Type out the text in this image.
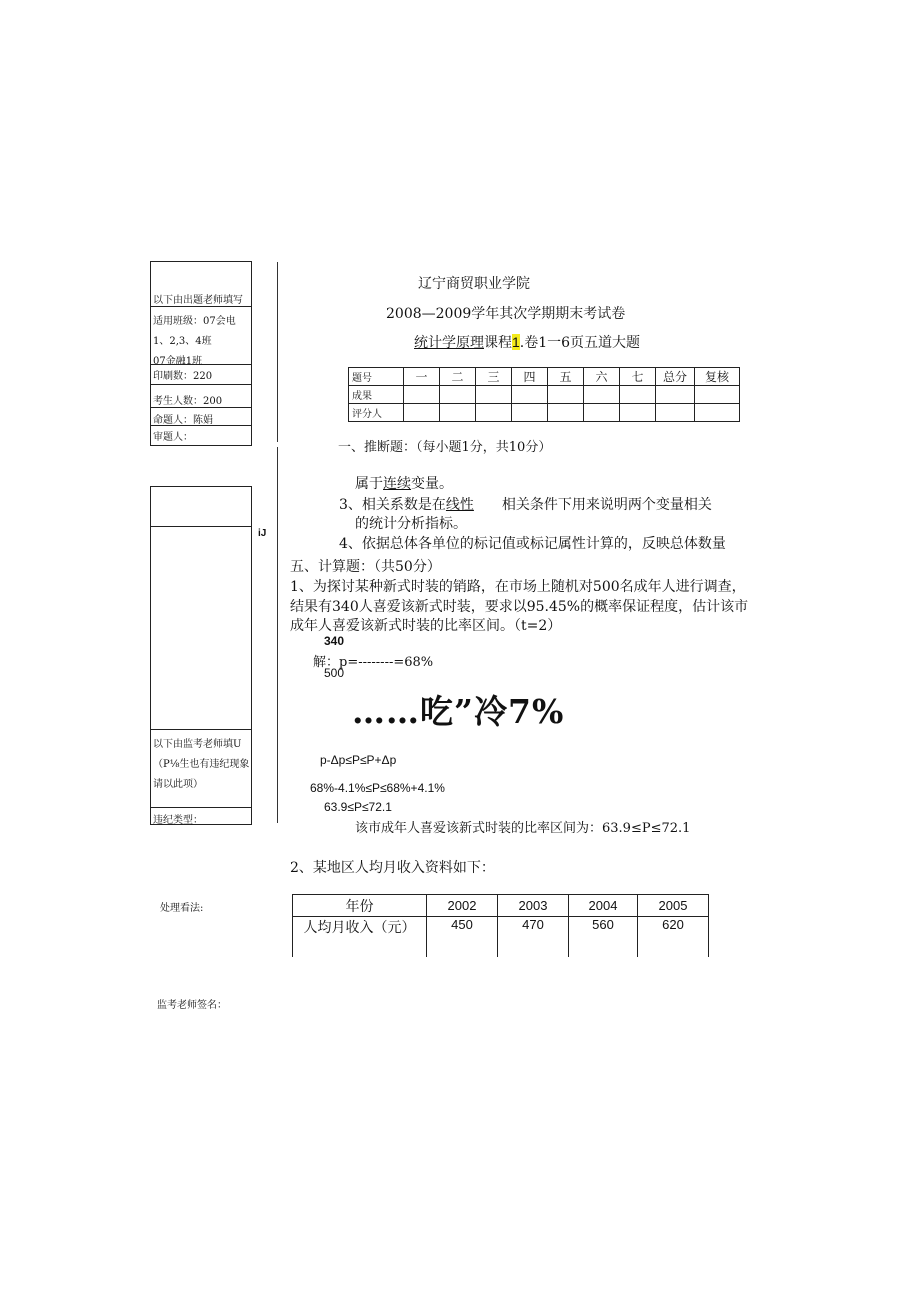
以下由出题老师填写
适用班级：07会电
1、2,3、4班
07金融1班
印刷数：220
考生人数：200
命题人：陈娟
审题人：
以下由监考老师填U
（P⅛生也有违纪现象
请以此项）
违纪类型：
iJ
处理看法:
监考老师签名：
辽宁商贸职业学院
2008—2009学年其次学期期末考试卷
统计学原理课程1.卷1一6页五道大题
题号	一	二	三	四	五	六	七	总分	复核
成果									
评分人									
一、推断题：（每小题1分，共10分）
属于连续变量。
3、相关系数是在线性 相关条件下用来说明两个变量相关
的统计分析指标。
4、依据总体各单位的标记值或标记属性计算的，反映总体数量
五、计算题：（共50分）
1、为探讨某种新式时装的销路，在市场上随机对500名成年人进行调查，
结果有340人喜爱该新式时装，要求以95.45%的概率保证程度，估计该市
成年人喜爱该新式时装的比率区间。（t=2）
340
解：p=--------=68%
500
……吃”冷7%
p-Δp≤P≤P+Δp
68%-4.1%≤P≤68%+4.1%
63.9≤P≤72.1
该市成年人喜爱该新式时装的比率区间为：63.9≤P≤72.1
2、某地区人均月收入资料如下：
年份	2002	2003	2004	2005
人均月收入（元）	450	470	560	620
